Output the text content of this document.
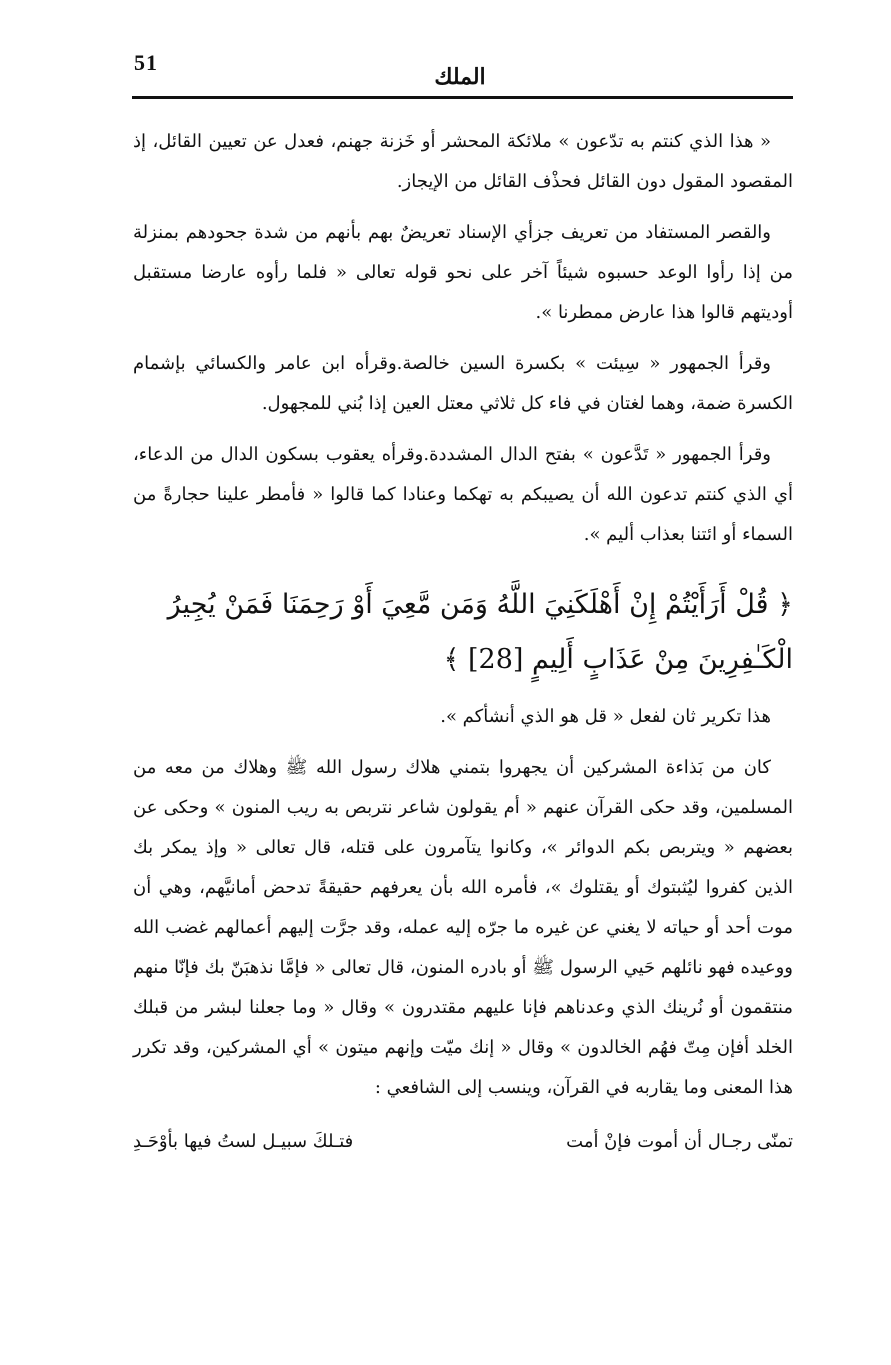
51
الملك

« هذا الذي كنتم به تدّعون » ملائكة المحشر أو خَزنة جهنم، فعدل عن تعيين القائل، إذ المقصود المقول دون القائل فحذْف القائل من الإيجاز.

والقصر المستفاد من تعريف جزأي الإسناد تعريضٌ بهم بأنهم من شدة جحودهم بمنزلة من إذا رأوا الوعد حسبوه شيئاً آخر على نحو قوله تعالى « فلما رأوه عارضا مستقبل أوديتهم قالوا هذا عارض ممطرنا ».

وقرأ الجمهور « سِيئت » بكسرة السين خالصة.وقرأه ابن عامر والكسائي بإشمام الكسرة ضمة، وهما لغتان في فاء كل ثلاثي معتل العين إذا بُني للمجهول.

وقرأ الجمهور « تَدَّعون » بفتح الدال المشددة.وقرأه يعقوب بسكون الدال من الدعاء، أي الذي كنتم تدعون الله أن يصيبكم به تهكما وعنادا كما قالوا « فأمطر علينا حجارةً من السماء أو ائتنا بعذاب أليم ».

﴿ قُلْ أَرَأَيْتُمْ إِنْ أَهْلَكَنِيَ اللَّهُ وَمَن مَّعِيَ أَوْ رَحِمَنَا فَمَنْ يُجِيرُ الْكَـٰفِرِينَ مِنْ عَذَابٍ أَلِيمٍ [28] ﴾

هذا تكرير ثان لفعل « قل هو الذي أنشأكم ».

كان من بَذاءة المشركين أن يجهروا بتمني هلاك رسول الله ﷺ وهلاك من معه من المسلمين، وقد حكى القرآن عنهم « أم يقولون شاعر نتربص به ريب المنون » وحكى عن بعضهم « ويتربص بكم الدوائر »، وكانوا يتآمرون على قتله، قال تعالى « وإذ يمكر بك الذين كفروا ليُثبتوك أو يقتلوك »، فأمره الله بأن يعرفهم حقيقةً تدحض أمانيَّهم، وهي أن موت أحد أو حياته لا يغني عن غيره ما جرّه إليه عمله، وقد جرَّت إليهم أعمالهم غضب الله ووعيده فهو نائلهم حَيي الرسول ﷺ أو بادره المنون، قال تعالى « فإمَّا نذهبَنّ بك فإنّا منهم منتقمون أو نُرينك الذي وعدناهم فإنا عليهم مقتدرون » وقال « وما جعلنا لبشر من قبلك الخلد أفإن مِتّ فهُم الخالدون » وقال « إنك ميّت وإنهم ميتون » أي المشركين، وقد تكرر هذا المعنى وما يقاربه في القرآن، وينسب إلى الشافعي :

تمنّى رجـال أن أموت فإنْ أمت
فتـلكَ سبيـل لستُ فيها بأوْحَـدِ
